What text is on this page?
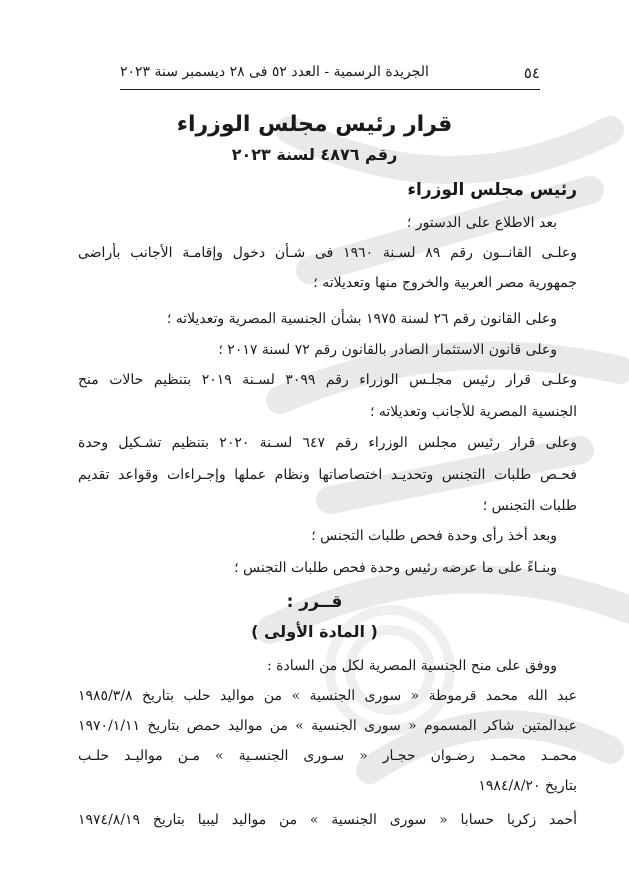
٥٤
الجريدة الرسمية - العدد ٥٢ فى ٢٨ ديسمبر سنة ٢٠٢٣
قرار رئيس مجلس الوزراء
رقم ٤٨٧٦ لسنة ٢٠٢٣
رئيس مجلس الوزراء
بعد الاطلاع على الدستور ؛
وعلـى القانــون رقم ٨٩ لسـنة ١٩٦٠ فى شـأن دخول وإقامـة الأجانب بأراضى
جمهورية مصر العربية والخروج منها وتعديلاته ؛
وعلى القانون رقم ٢٦ لسنة ١٩٧٥ بشأن الجنسية المصرية وتعديلاته ؛
وعلى قانون الاستثمار الصادر بالقانون رقم ٧٢ لسنة ٢٠١٧ ؛
وعلـى قرار رئيس مجلـس الوزراء رقم ٣٠٩٩ لسـنة ٢٠١٩ بتنظيم حالات منح
الجنسية المصرية للأجانب وتعديلاته ؛
وعلى قرار رئيس مجلس الوزراء رقم ٦٤٧ لسـنة ٢٠٢٠ بتنظيم تشـكيل وحدة
فحـص طلبات التجنس وتحديـد اختصاصاتها ونظام عملها وإجـراءات وقواعد تقديم
طلبات التجنس ؛
وبعد أخذ رأى وحدة فحص طلبات التجنس ؛
وبنـاءً على ما عرضه رئيس وحدة فحص طلبات التجنس ؛
قــرر :
( المادة الأولى )
ووفق على منح الجنسية المصرية لكل من السادة :
عبد الله محمد قرموطة « سورى الجنسية » من مواليد حلب بتاريخ ١٩٨٥/٣/٨
عبدالمتين شاكر المسموم « سورى الجنسية » من مواليد حمص بتاريخ ١٩٧٠/١/١١
محمـد محمـد رضـوان حجـار « سـورى الجنسـية » مـن مواليـد حلـب
بتاريخ ١٩٨٤/٨/٢٠
أحمد زكريا حسابا « سورى الجنسية » من مواليد ليبيا بتاريخ ١٩٧٤/٨/١٩
